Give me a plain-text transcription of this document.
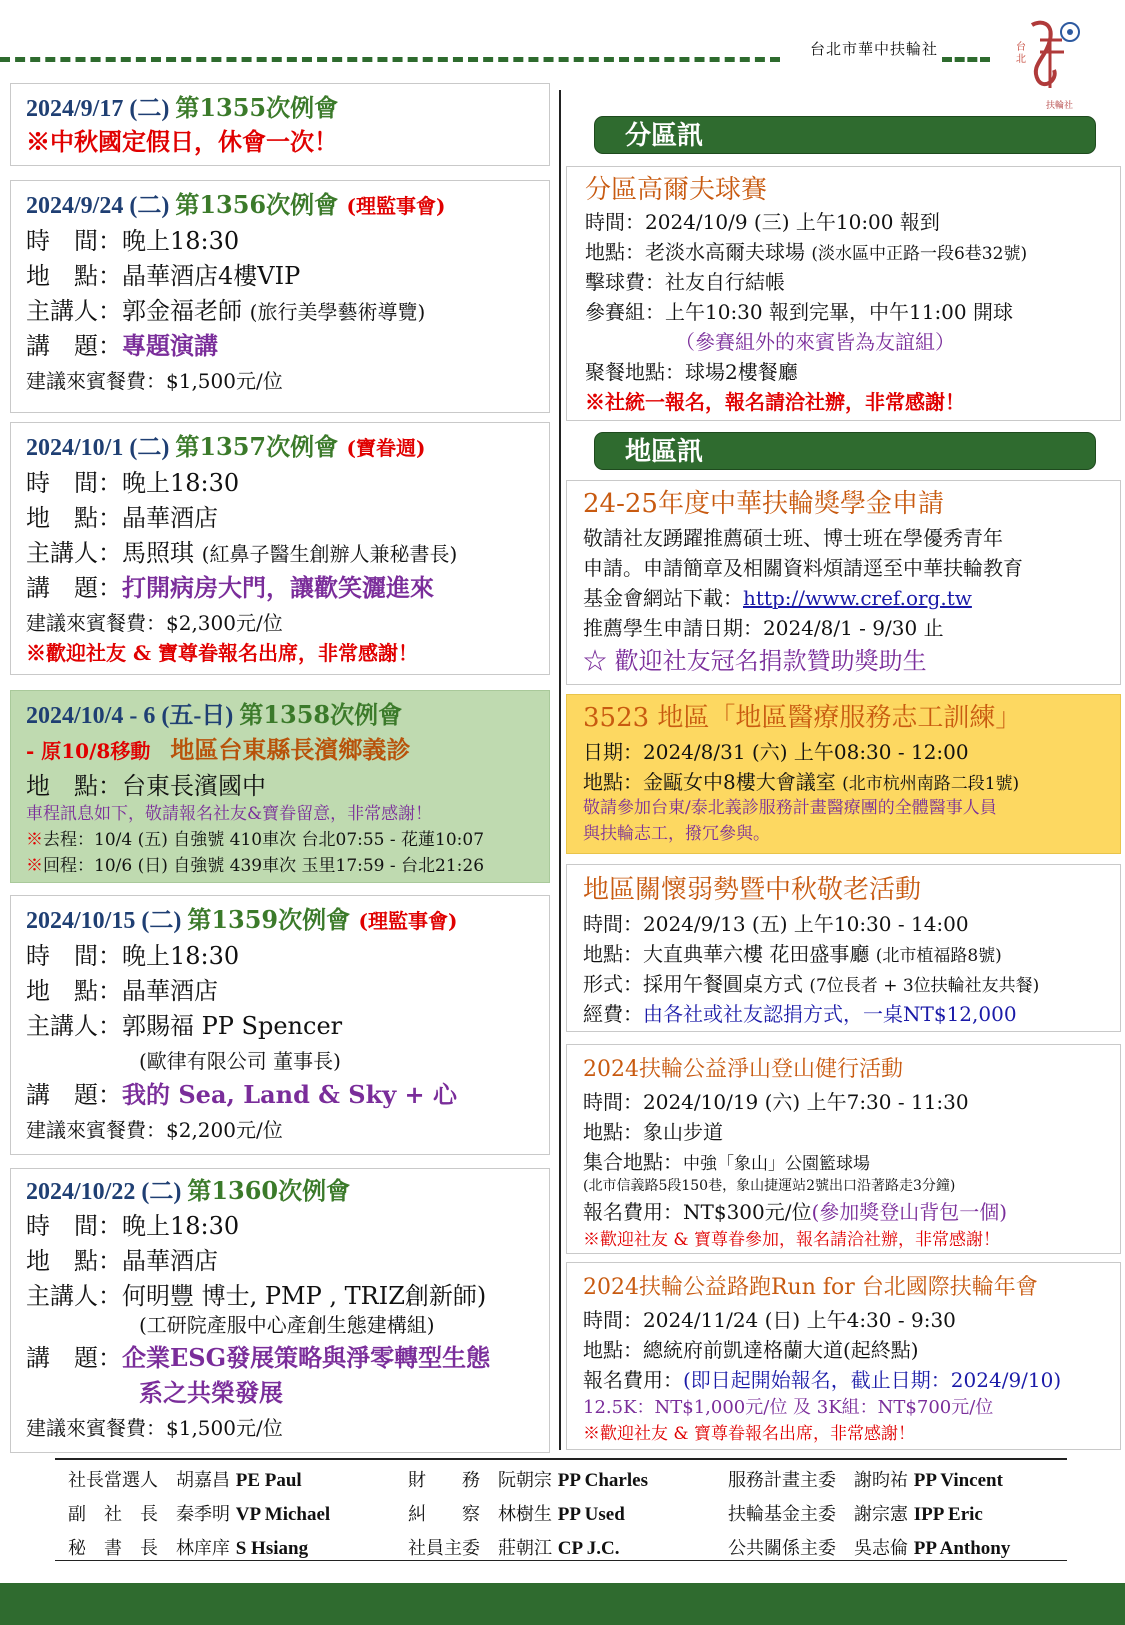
台北市華中扶輪社	台
北
扶輪社
2024/9/17 (二) 第1355次例會
※中秋國定假日，休會一次！
2024/9/24 (二) 第1356次例會 (理監事會)
時　間：晚上18:30
地　點：晶華酒店4樓VIP
主講人：郭金福老師 (旅行美學藝術導覽)
講　題：專題演講
建議來賓餐費：$1,500元/位
2024/10/1 (二) 第1357次例會 (寶眷週)
時　間：晚上18:30
地　點：晶華酒店
主講人：馬照琪 (紅鼻子醫生創辦人兼秘書長)
講　題：打開病房大門，讓歡笑灑進來
建議來賓餐費：$2,300元/位
※歡迎社友 & 寶尊眷報名出席，非常感謝！
2024/10/4 - 6 (五-日) 第1358次例會
- 原10/8移動　地區台東縣長濱鄉義診
地　點：台東長濱國中
車程訊息如下，敬請報名社友&寶眷留意，非常感謝！
※去程：10/4 (五) 自強號 410車次 台北07:55 - 花蓮10:07
※回程：10/6 (日) 自強號 439車次 玉里17:59 - 台北21:26
2024/10/15 (二) 第1359次例會 (理監事會)
時　間：晚上18:30
地　點：晶華酒店
主講人：郭賜福 PP Spencer
(歐律有限公司 董事長)
講　題：我的 Sea, Land & Sky + 心
建議來賓餐費：$2,200元/位
2024/10/22 (二) 第1360次例會
時　間：晚上18:30
地　點：晶華酒店
主講人：何明豐 博士, PMP , TRIZ創新師)
(工研院產服中心產創生態建構組)
講　題：企業ESG發展策略與淨零轉型生態
系之共榮發展
建議來賓餐費：$1,500元/位
分區訊
分區高爾夫球賽
時間：2024/10/9 (三) 上午10:00 報到
地點：老淡水高爾夫球場 (淡水區中正路一段6巷32號)
擊球費：社友自行結帳
參賽組：上午10:30 報到完畢，中午11:00 開球
（參賽組外的來賓皆為友誼組）
聚餐地點：球場2樓餐廳
※社統一報名，報名請洽社辦，非常感謝！
地區訊
24-25年度中華扶輪獎學金申請
敬請社友踴躍推薦碩士班、博士班在學優秀青年
申請。申請簡章及相關資料煩請逕至中華扶輪教育
基金會網站下載：http://www.cref.org.tw
推薦學生申請日期：2024/8/1 - 9/30 止
☆ 歡迎社友冠名捐款贊助獎助生
3523 地區「地區醫療服務志工訓練」
日期：2024/8/31 (六) 上午08:30 - 12:00
地點：金甌女中8樓大會議室 (北市杭州南路二段1號)
敬請參加台東/泰北義診服務計畫醫療團的全體醫事人員
與扶輪志工，撥冗參與。
地區關懷弱勢暨中秋敬老活動
時間：2024/9/13 (五) 上午10:30 - 14:00
地點：大直典華六樓 花田盛事廳 (北市植福路8號)
形式：採用午餐圓桌方式 (7位長者 + 3位扶輪社友共餐)
經費：由各社或社友認捐方式，一桌NT$12,000
2024扶輪公益淨山登山健行活動
時間：2024/10/19 (六) 上午7:30 - 11:30
地點：象山步道
集合地點：中強「象山」公園籃球場
(北市信義路5段150巷，象山捷運站2號出口沿著路走3分鐘)
報名費用：NT$300元/位(參加獎登山背包一個)
※歡迎社友 & 寶尊眷參加，報名請洽社辦，非常感謝！
2024扶輪公益路跑Run for 台北國際扶輪年會
時間：2024/11/24 (日) 上午4:30 - 9:30
地點：總統府前凱達格蘭大道(起終點)
報名費用：(即日起開始報名，截止日期：2024/9/10)
12.5K：NT$1,000元/位 及 3K組：NT$700元/位
※歡迎社友 & 寶尊眷報名出席，非常感謝！
社長當選人　胡嘉昌 PE Paul
副　社　長　秦季明 VP Michael
秘　書　長　林庠庠 S Hsiang
財　　務　阮朝宗 PP Charles
糾　　察　林樹生 PP Used
社員主委　莊朝江 CP J.C.
服務計畫主委　謝昀祐 PP Vincent
扶輪基金主委　謝宗憲 IPP Eric
公共關係主委　吳志倫 PP Anthony
